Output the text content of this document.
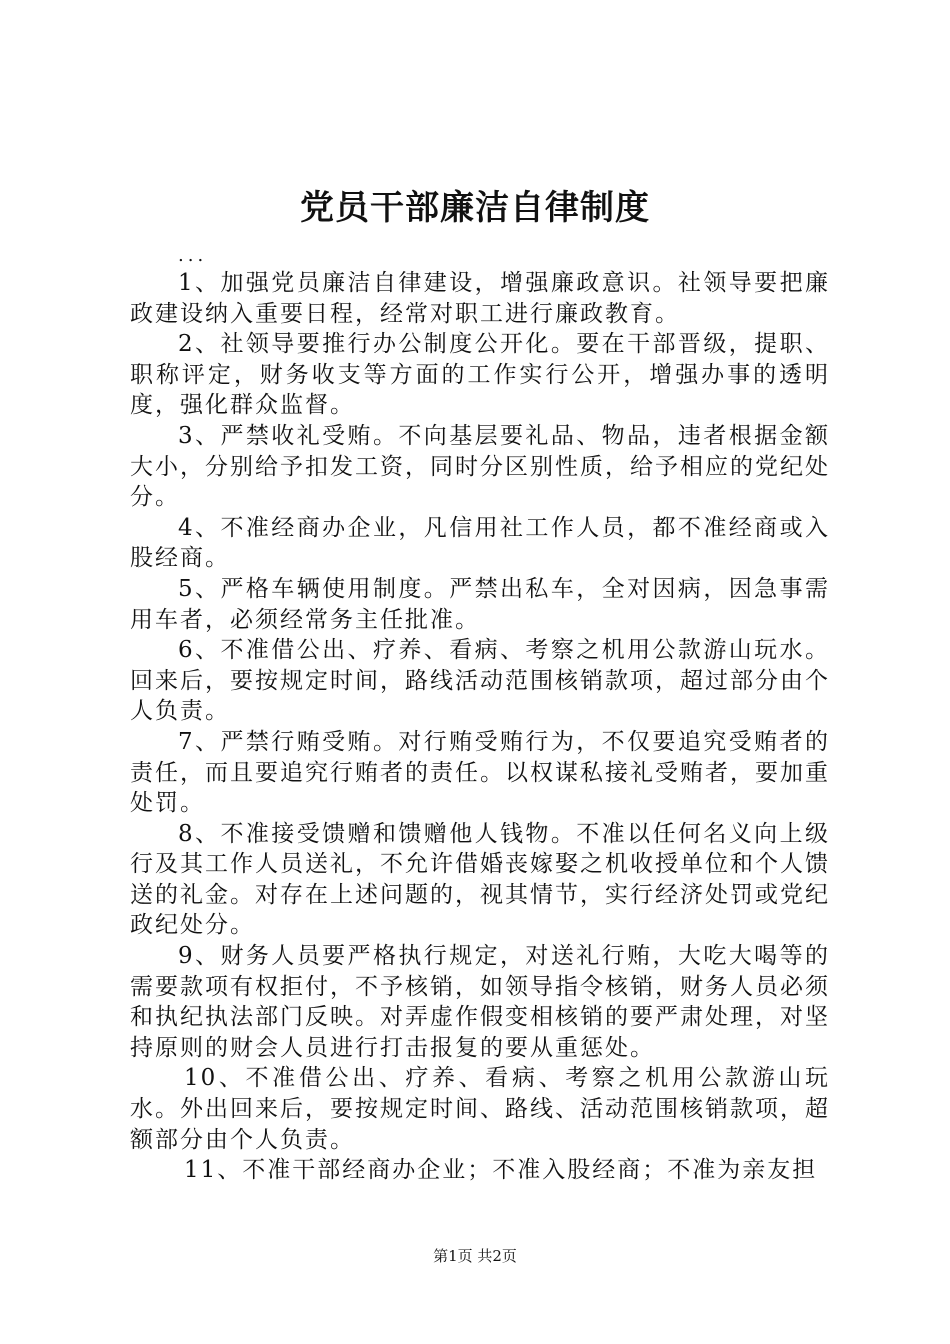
党员干部廉洁自律制度
...

1、加强党员廉洁自律建设，增强廉政意识。社领导要把廉政建设纳入重要日程，经常对职工进行廉政教育。

2、社领导要推行办公制度公开化。要在干部晋级，提职、职称评定，财务收支等方面的工作实行公开，增强办事的透明度，强化群众监督。

3、严禁收礼受贿。不向基层要礼品、物品，违者根据金额大小，分别给予扣发工资，同时分区别性质，给予相应的党纪处分。

4、不准经商办企业，凡信用社工作人员，都不准经商或入股经商。

5、严格车辆使用制度。严禁出私车，全对因病，因急事需用车者，必须经常务主任批准。

6、不准借公出、疗养、看病、考察之机用公款游山玩水。回来后，要按规定时间，路线活动范围核销款项，超过部分由个人负责。

7、严禁行贿受贿。对行贿受贿行为，不仅要追究受贿者的责任，而且要追究行贿者的责任。以权谋私接礼受贿者，要加重处罚。

8、不准接受馈赠和馈赠他人钱物。不准以任何名义向上级行及其工作人员送礼，不允许借婚丧嫁娶之机收授单位和个人馈送的礼金。对存在上述问题的，视其情节，实行经济处罚或党纪政纪处分。

9、财务人员要严格执行规定，对送礼行贿，大吃大喝等的需要款项有权拒付，不予核销，如领导指令核销，财务人员必须和执纪执法部门反映。对弄虚作假变相核销的要严肃处理，对坚持原则的财会人员进行打击报复的要从重惩处。

10、不准借公出、疗养、看病、考察之机用公款游山玩水。外出回来后，要按规定时间、路线、活动范围核销款项，超额部分由个人负责。

11、不准干部经商办企业；不准入股经商；不准为亲友担

第1页 共2页
